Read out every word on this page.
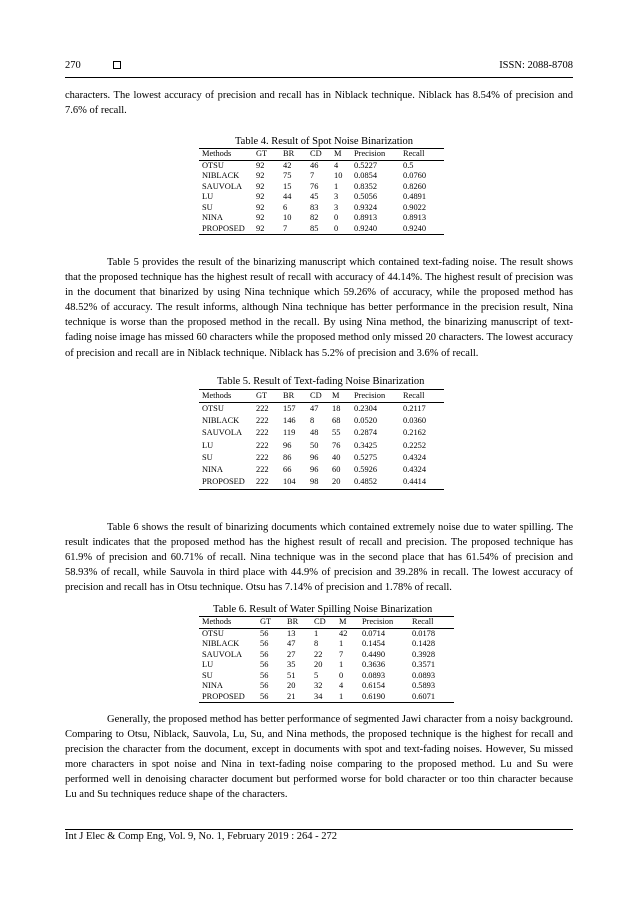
270	ISSN: 2088-8708

characters. The lowest accuracy of precision and recall has in Niblack technique. Niblack has 8.54% of precision and 7.6% of recall.

Table 4. Result of Spot Noise Binarization
Methods	GT	BR	CD	M	Precision	Recall
OTSU	92	42	46	4	0.5227	0.5
NIBLACK	92	75	7	10	0.0854	0.0760
SAUVOLA	92	15	76	1	0.8352	0.8260
LU	92	44	45	3	0.5056	0.4891
SU	92	6	83	3	0.9324	0.9022
NINA	92	10	82	0	0.8913	0.8913
PROPOSED	92	7	85	0	0.9240	0.9240

Table 5 provides the result of the binarizing manuscript which contained text-fading noise. The result shows that the proposed technique has the highest result of recall with accuracy of 44.14%. The highest result of precision was in the document that binarized by using Nina technique which 59.26% of accuracy, while the proposed method has 48.52% of accuracy. The result informs, although Nina technique has better performance in the precision result, Nina technique is worse than the proposed method in the recall. By using Nina method, the binarizing manuscript of text-fading noise image has missed 60 characters while the proposed method only missed 20 characters. The lowest accuracy of precision and recall are in Niblack technique. Niblack has 5.2% of precision and 3.6% of recall.

Table 5. Result of Text-fading Noise Binarization
Methods	GT	BR	CD	M	Precision	Recall
OTSU	222	157	47	18	0.2304	0.2117
NIBLACK	222	146	8	68	0.0520	0.0360
SAUVOLA	222	119	48	55	0.2874	0.2162
LU	222	96	50	76	0.3425	0.2252
SU	222	86	96	40	0.5275	0.4324
NINA	222	66	96	60	0.5926	0.4324
PROPOSED	222	104	98	20	0.4852	0.4414

Table 6 shows the result of binarizing documents which contained extremely noise due to water spilling. The result indicates that the proposed method has the highest result of recall and precision. The proposed technique has 61.9% of precision and 60.71% of recall. Nina technique was in the second place that has 61.54% of precision and 58.93% of recall, while Sauvola in third place with 44.9% of precision and 39.28% in recall. The lowest accuracy of precision and recall has in Otsu technique. Otsu has 7.14% of precision and 1.78% of recall.

Table 6. Result of Water Spilling Noise Binarization
Methods	GT	BR	CD	M	Precision	Recall
OTSU	56	13	1	42	0.0714	0.0178
NIBLACK	56	47	8	1	0.1454	0.1428
SAUVOLA	56	27	22	7	0.4490	0.3928
LU	56	35	20	1	0.3636	0.3571
SU	56	51	5	0	0.0893	0.0893
NINA	56	20	32	4	0.6154	0.5893
PROPOSED	56	21	34	1	0.6190	0.6071

Generally, the proposed method has better performance of segmented Jawi character from a noisy background. Comparing to Otsu, Niblack, Sauvola, Lu, Su, and Nina methods, the proposed technique is the highest for recall and precision the character from the document, except in documents with spot and text-fading noises. However, Su missed more characters in spot noise and Nina in text-fading noise comparing to the proposed method. Lu and Su were performed well in denoising character document but performed worse for bold character or too thin character because Lu and Su techniques reduce shape of the characters.

Int J Elec & Comp Eng, Vol. 9, No. 1, February 2019 : 264 - 272
